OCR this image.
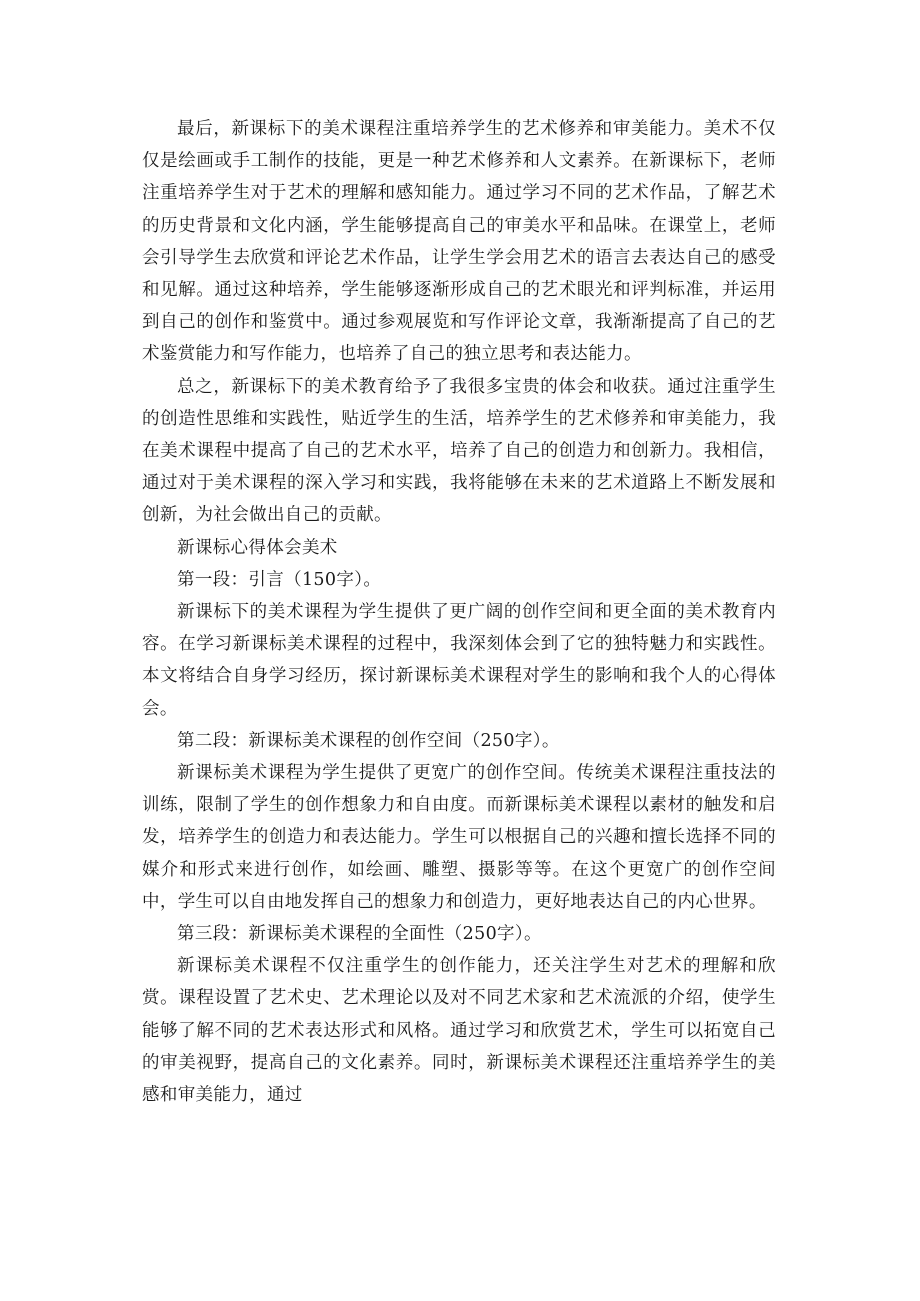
最后，新课标下的美术课程注重培养学生的艺术修养和审美能力。美术不仅仅是绘画或手工制作的技能，更是一种艺术修养和人文素养。在新课标下，老师注重培养学生对于艺术的理解和感知能力。通过学习不同的艺术作品，了解艺术的历史背景和文化内涵，学生能够提高自己的审美水平和品味。在课堂上，老师会引导学生去欣赏和评论艺术作品，让学生学会用艺术的语言去表达自己的感受和见解。通过这种培养，学生能够逐渐形成自己的艺术眼光和评判标准，并运用到自己的创作和鉴赏中。通过参观展览和写作评论文章，我渐渐提高了自己的艺术鉴赏能力和写作能力，也培养了自己的独立思考和表达能力。

总之，新课标下的美术教育给予了我很多宝贵的体会和收获。通过注重学生的创造性思维和实践性，贴近学生的生活，培养学生的艺术修养和审美能力，我在美术课程中提高了自己的艺术水平，培养了自己的创造力和创新力。我相信，通过对于美术课程的深入学习和实践，我将能够在未来的艺术道路上不断发展和创新，为社会做出自己的贡献。

新课标心得体会美术

第一段：引言（150字）。

新课标下的美术课程为学生提供了更广阔的创作空间和更全面的美术教育内容。在学习新课标美术课程的过程中，我深刻体会到了它的独特魅力和实践性。本文将结合自身学习经历，探讨新课标美术课程对学生的影响和我个人的心得体会。

第二段：新课标美术课程的创作空间（250字）。

新课标美术课程为学生提供了更宽广的创作空间。传统美术课程注重技法的训练，限制了学生的创作想象力和自由度。而新课标美术课程以素材的触发和启发，培养学生的创造力和表达能力。学生可以根据自己的兴趣和擅长选择不同的媒介和形式来进行创作，如绘画、雕塑、摄影等等。在这个更宽广的创作空间中，学生可以自由地发挥自己的想象力和创造力，更好地表达自己的内心世界。

第三段：新课标美术课程的全面性（250字）。

新课标美术课程不仅注重学生的创作能力，还关注学生对艺术的理解和欣赏。课程设置了艺术史、艺术理论以及对不同艺术家和艺术流派的介绍，使学生能够了解不同的艺术表达形式和风格。通过学习和欣赏艺术，学生可以拓宽自己的审美视野，提高自己的文化素养。同时，新课标美术课程还注重培养学生的美感和审美能力，通过
